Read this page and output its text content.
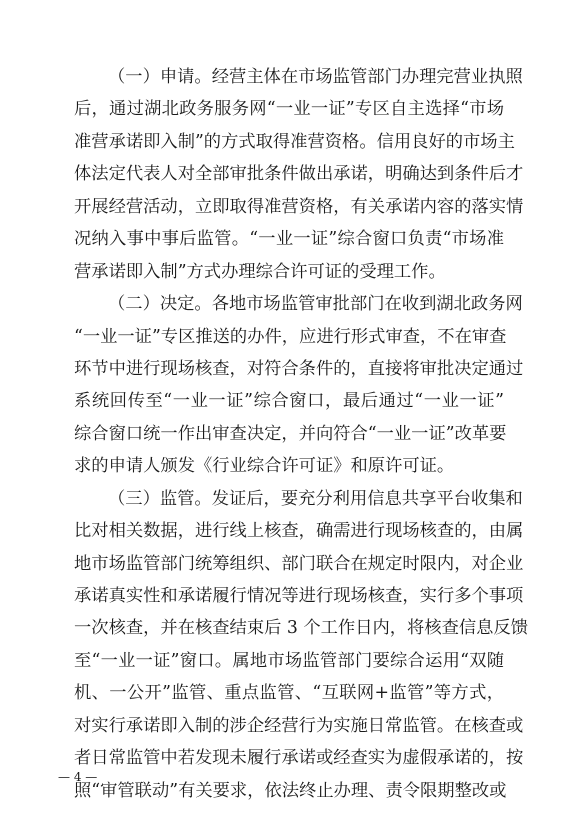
（一）申请。经营主体在市场监管部门办理完营业执照
后，通过湖北政务服务网“一业一证”专区自主选择“市场
准营承诺即入制”的方式取得准营资格。信用良好的市场主
体法定代表人对全部审批条件做出承诺，明确达到条件后才
开展经营活动，立即取得准营资格，有关承诺内容的落实情
况纳入事中事后监管。“一业一证”综合窗口负责“市场准
营承诺即入制”方式办理综合许可证的受理工作。
（二）决定。各地市场监管审批部门在收到湖北政务网
“一业一证”专区推送的办件，应进行形式审查，不在审查
环节中进行现场核查，对符合条件的，直接将审批决定通过
系统回传至“一业一证”综合窗口，最后通过“一业一证”
综合窗口统一作出审查决定，并向符合“一业一证”改革要
求的申请人颁发《行业综合许可证》和原许可证。
（三）监管。发证后，要充分利用信息共享平台收集和
比对相关数据，进行线上核查，确需进行现场核查的，由属
地市场监管部门统筹组织、部门联合在规定时限内，对企业
承诺真实性和承诺履行情况等进行现场核查，实行多个事项
一次核查，并在核查结束后 3 个工作日内，将核查信息反馈
至“一业一证”窗口。属地市场监管部门要综合运用“双随
机、一公开”监管、重点监管、“互联网+监管”等方式，
对实行承诺即入制的涉企经营行为实施日常监管。在核查或
者日常监管中若发现未履行承诺或经查实为虚假承诺的，按
照“审管联动”有关要求，依法终止办理、责令限期整改或
— 4 —
